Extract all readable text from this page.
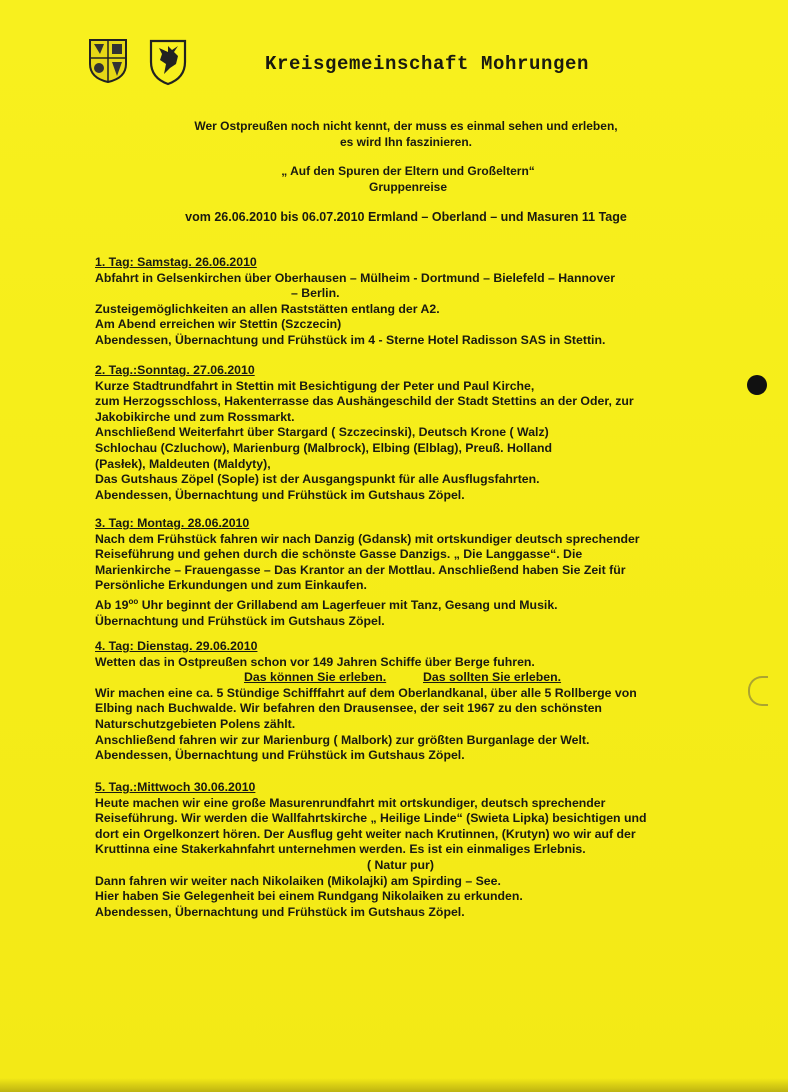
Kreisgemeinschaft Mohrungen
Wer Ostpreußen noch nicht kennt, der muss es einmal sehen und erleben,
es wird Ihn faszinieren.
„ Auf den Spuren der Eltern und Großeltern“
Gruppenreise
vom 26.06.2010 bis 06.07.2010 Ermland – Oberland – und Masuren 11 Tage
1. Tag: Samstag. 26.06.2010
Abfahrt in Gelsenkirchen über Oberhausen – Mülheim - Dortmund – Bielefeld – Hannover
– Berlin.
Zusteigemöglichkeiten an allen Raststätten entlang der A2.
Am Abend erreichen wir Stettin (Szczecin)
Abendessen, Übernachtung und Frühstück im 4 - Sterne Hotel Radisson SAS in Stettin.
2. Tag.:Sonntag. 27.06.2010
Kurze Stadtrundfahrt in Stettin mit Besichtigung der Peter und Paul Kirche,
zum Herzogsschloss, Hakenterrasse das Aushängeschild der Stadt Stettins an der Oder, zur
Jakobikirche und zum Rossmarkt.
Anschließend Weiterfahrt über Stargard ( Szczecinski), Deutsch Krone ( Walz)
Schlochau (Czluchow), Marienburg (Malbrock), Elbing (Elblag), Preuß. Holland
(Pasłek), Maldeuten (Maldyty),
Das Gutshaus Zöpel (Sople) ist der Ausgangspunkt für alle Ausflugsfahrten.
Abendessen, Übernachtung und Frühstück im Gutshaus Zöpel.
3. Tag: Montag. 28.06.2010
Nach dem Frühstück fahren wir nach Danzig (Gdansk) mit ortskundiger deutsch sprechender
Reiseführung und gehen durch die schönste Gasse Danzigs. „ Die Langgasse“. Die
Marienkirche – Frauengasse – Das Krantor an der Mottlau. Anschließend haben Sie Zeit für
Persönliche Erkundungen und zum Einkaufen.
Ab $19^{oo}$ Uhr beginnt der Grillabend am Lagerfeuer mit Tanz, Gesang und Musik.
Übernachtung und Frühstück im Gutshaus Zöpel.
4. Tag: Dienstag. 29.06.2010
Wetten das in Ostpreußen schon vor 149 Jahren Schiffe über Berge fuhren.
Das können Sie erleben.	Das sollten Sie erleben.
Wir machen eine ca. 5 Stündige Schifffahrt auf dem Oberlandkanal, über alle 5 Rollberge von
Elbing nach Buchwalde. Wir befahren den Drausensee, der seit 1967 zu den schönsten
Naturschutzgebieten Polens zählt.
Anschließend fahren wir zur Marienburg ( Malbork) zur größten Burganlage der Welt.
Abendessen, Übernachtung und Frühstück im Gutshaus Zöpel.
5. Tag.:Mittwoch 30.06.2010
Heute machen wir eine große Masurenrundfahrt mit ortskundiger, deutsch sprechender
Reiseführung. Wir werden die Wallfahrtskirche „ Heilige Linde“ (Swieta Lipka) besichtigen und
dort ein Orgelkonzert hören. Der Ausflug geht weiter nach Krutinnen, (Krutyn) wo wir auf der
Kruttinna eine Stakerkahnfahrt unternehmen werden. Es ist ein einmaliges Erlebnis.
( Natur pur)
Dann fahren wir weiter nach Nikolaiken (Mikolajki) am Spirding – See.
Hier haben Sie Gelegenheit bei einem Rundgang Nikolaiken zu erkunden.
Abendessen, Übernachtung und Frühstück im Gutshaus Zöpel.
